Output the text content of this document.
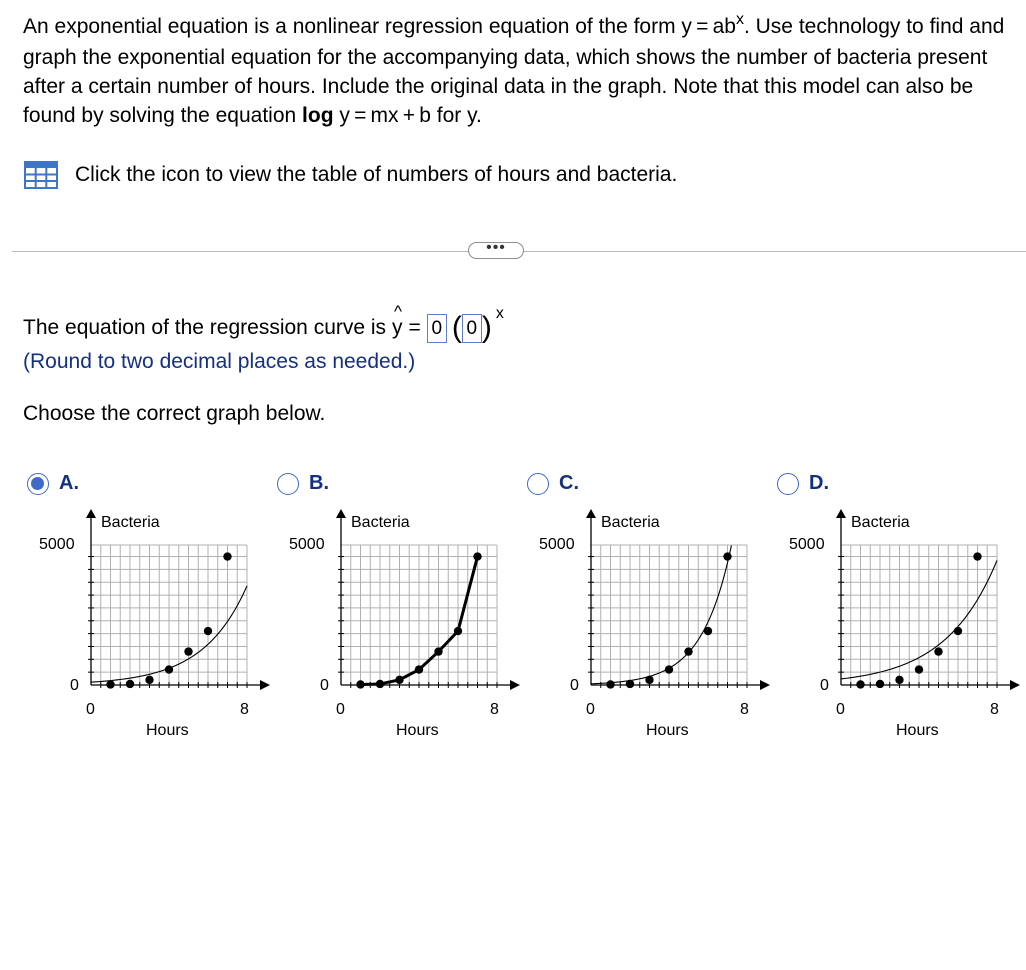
An exponential equation is a nonlinear regression equation of the form $y = ab^x$. Use technology to find and graph the exponential equation for the accompanying data, which shows the number of bacteria present after a certain number of hours. Include the original data in the graph. Note that this model can also be found by solving the equation log y = mx + b for y.
Click the icon to view the table of numbers of hours and bacteria.
•••
The equation of the regression curve is
^
y = 0 ( 0 ) x
(Round to two decimal places as needed.)
Choose the correct graph below.
A.	B.	C.	D.
Bacteria
5000
0
0	8
Hours
Bacteria
5000
0
0	8
Hours
Bacteria
5000
0
0	8
Hours
Bacteria
5000
0
0	8
Hours
